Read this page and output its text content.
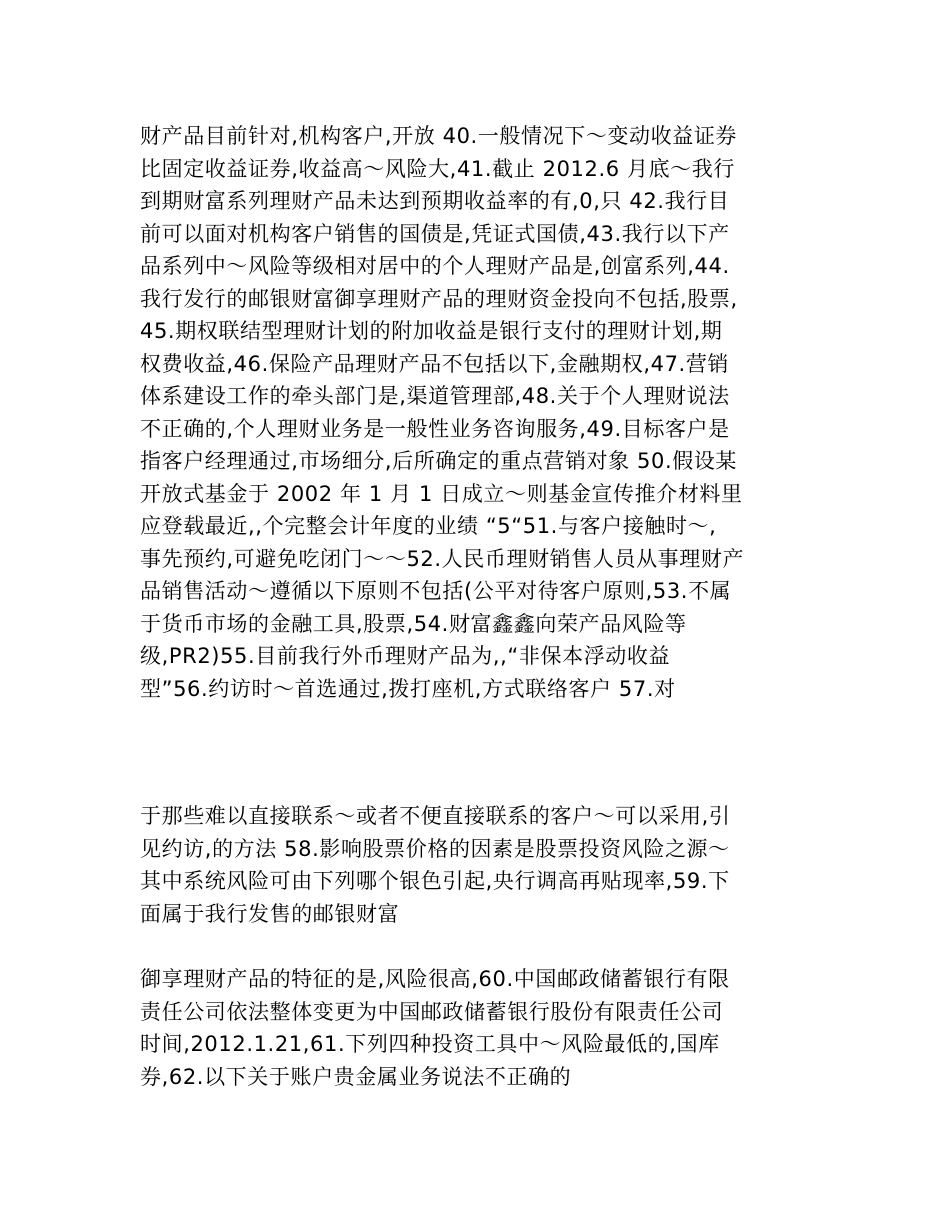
财产品目前针对,机构客户,开放 40.一般情况下～变动收益证券
比固定收益证券,收益高～风险大,41.截止 2012.6 月底～我行
到期财富系列理财产品未达到预期收益率的有,0,只 42.我行目
前可以面对机构客户销售的国债是,凭证式国债,43.我行以下产
品系列中～风险等级相对居中的个人理财产品是,创富系列,44.
我行发行的邮银财富御享理财产品的理财资金投向不包括,股票,
45.期权联结型理财计划的附加收益是银行支付的理财计划,期
权费收益,46.保险产品理财产品不包括以下,金融期权,47.营销
体系建设工作的牵头部门是,渠道管理部,48.关于个人理财说法
不正确的,个人理财业务是一般性业务咨询服务,49.目标客户是
指客户经理通过,市场细分,后所确定的重点营销对象 50.假设某
开放式基金于 2002 年 1 月 1 日成立～则基金宣传推介材料里
应登载最近,,个完整会计年度的业绩 “5“51.与客户接触时～,
事先预约,可避免吃闭门～～52.人民币理财销售人员从事理财产
品销售活动～遵循以下原则不包括(公平对待客户原则,53.不属
于货币市场的金融工具,股票,54.财富鑫鑫向荣产品风险等
级,PR2)55.目前我行外币理财产品为,,“非保本浮动收益
型”56.约访时～首选通过,拨打座机,方式联络客户 57.对
于那些难以直接联系～或者不便直接联系的客户～可以采用,引
见约访,的方法 58.影响股票价格的因素是股票投资风险之源～
其中系统风险可由下列哪个银色引起,央行调高再贴现率,59.下
面属于我行发售的邮银财富
御享理财产品的特征的是,风险很高,60.中国邮政储蓄银行有限
责任公司依法整体变更为中国邮政储蓄银行股份有限责任公司
时间,2012.1.21,61.下列四种投资工具中～风险最低的,国库
券,62.以下关于账户贵金属业务说法不正确的
